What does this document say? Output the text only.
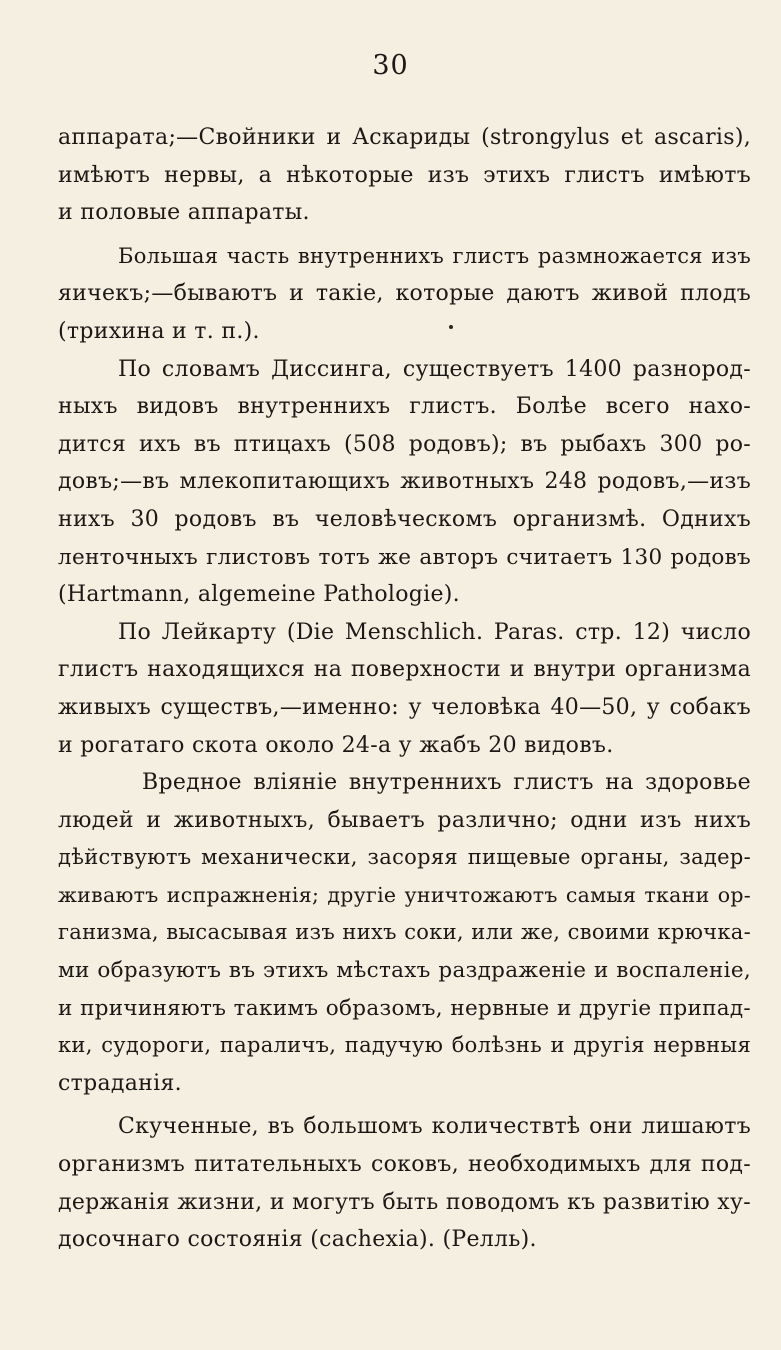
30
аппарата;—Свойники и Аскариды (strongylus et ascaris),
имѣютъ нервы, а нѣкоторые изъ этихъ глистъ имѣютъ
и половые аппараты.
Большая часть внутреннихъ глистъ размножается изъ
яичекъ;—бываютъ и такіе, которые даютъ живой плодъ
(трихина и т. п.).
По словамъ Диссинга, существуетъ 1400 разнород-
ныхъ видовъ внутреннихъ глистъ. Болѣе всего нахо-
дится ихъ въ птицахъ (508 родовъ); въ рыбахъ 300 ро-
довъ;—въ млекопитающихъ животныхъ 248 родовъ,—изъ
нихъ 30 родовъ въ человѣческомъ организмѣ. Однихъ
ленточныхъ глистовъ тотъ же авторъ считаетъ 130 родовъ
(Hartmann, algemeine Pathologie).
По Лейкарту (Die Menschlich. Paras. стр. 12) число
глистъ находящихся на поверхности и внутри организма
живыхъ существъ,—именно: у человѣка 40—50, у собакъ
и рогатаго скота около 24-а у жабъ 20 видовъ.
Вредное вліяніе внутреннихъ глистъ на здоровье
людей и животныхъ, бываетъ различно; одни изъ нихъ
дѣйствуютъ механически, засоряя пищевые органы, задер-
живаютъ испражненія; другіе уничтожаютъ самыя ткани ор-
ганизма, высасывая изъ нихъ соки, или же, своими крючка-
ми образуютъ въ этихъ мѣстахъ раздраженіе и воспаленіе,
и причиняютъ такимъ образомъ, нервные и другіе припад-
ки, судороги, параличъ, падучую болѣзнь и другія нервныя
страданія.
Скученные, въ большомъ количествтѣ они лишаютъ
организмъ питательныхъ соковъ, необходимыхъ для под-
держанія жизни, и могутъ быть поводомъ къ развитію ху-
досочнаго состоянія (cachexia). (Релль).
